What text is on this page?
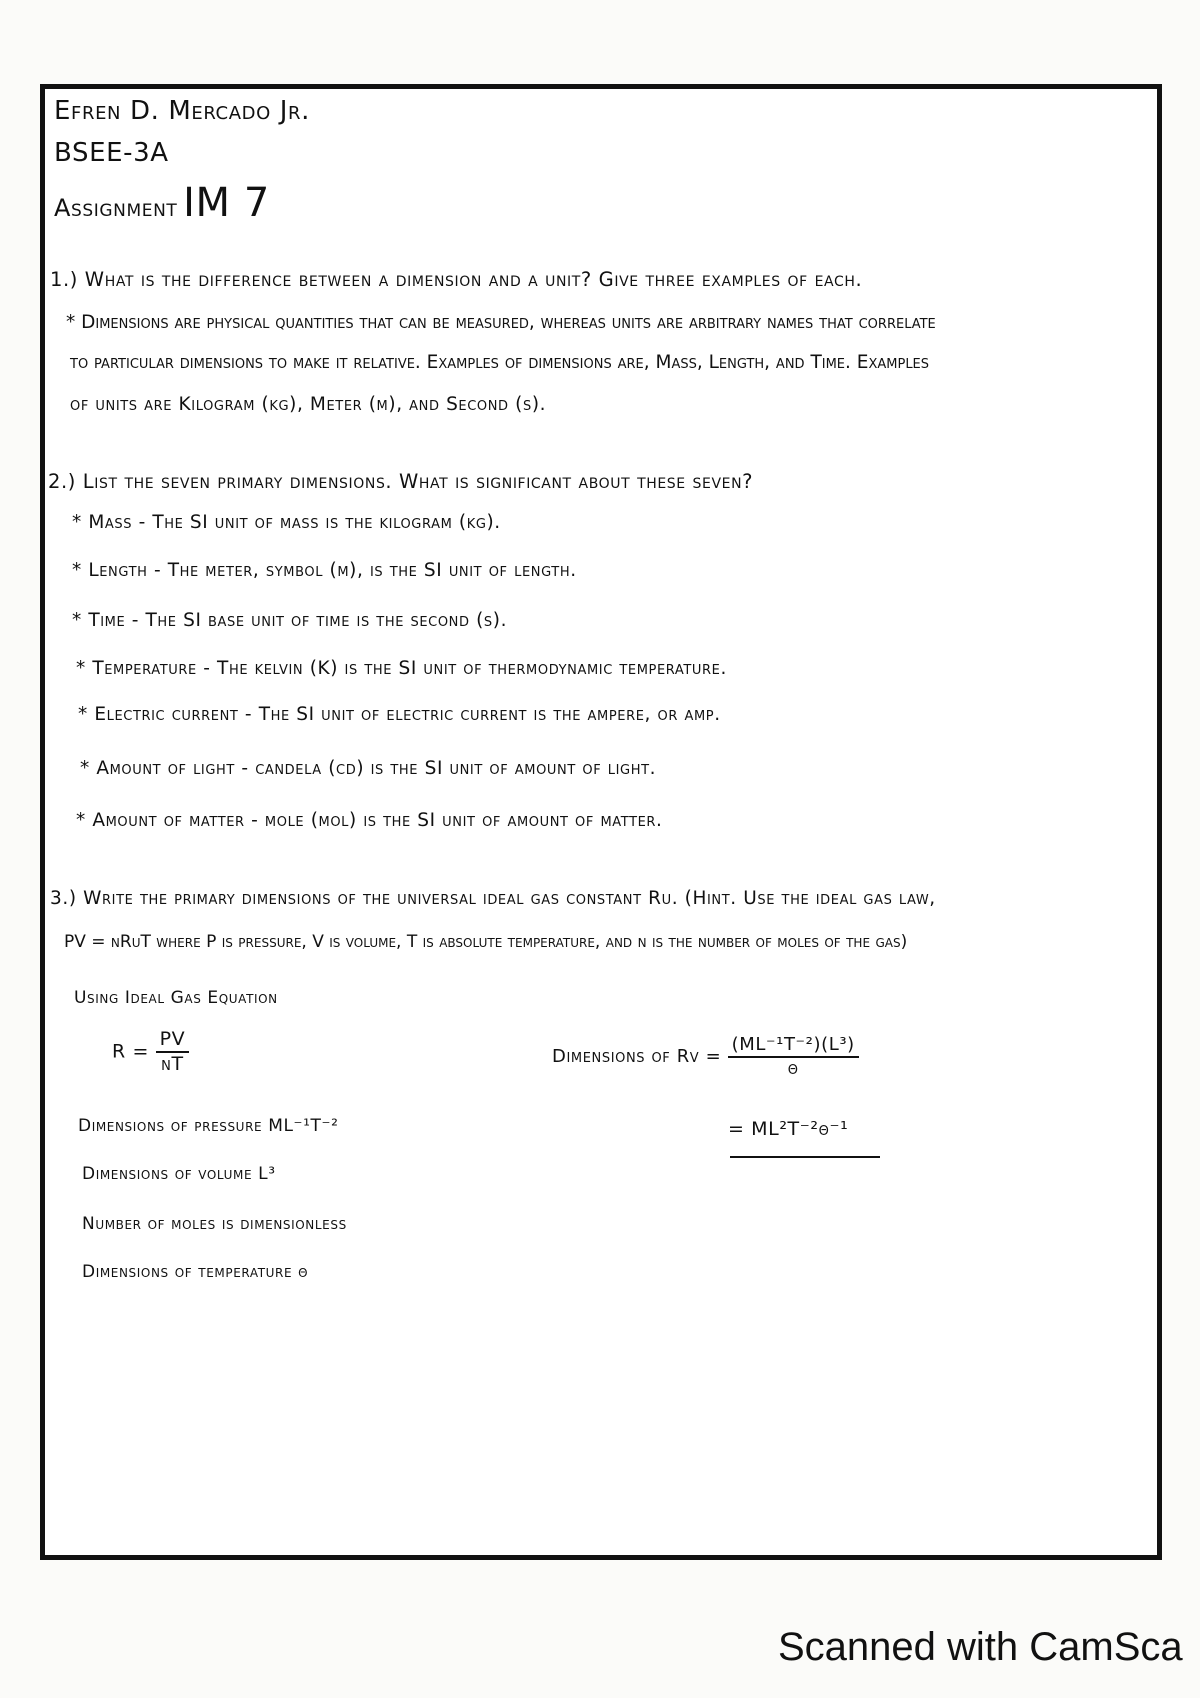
Efren D. Mercado Jr.
BSEE-3A
Assignment IM 7
1.) What is the difference between a dimension and a unit? Give three examples of each.
* Dimensions are physical quantities that can be measured, whereas units are arbitrary names that correlate
to particular dimensions to make it relative. Examples of dimensions are, Mass, Length, and Time. Examples
of units are Kilogram (kg), Meter (m), and Second (s).
2.) List the seven primary dimensions. What is significant about these seven?
* Mass - The SI unit of mass is the kilogram (kg).
* Length - The meter, symbol (m), is the SI unit of length.
* Time - The SI base unit of time is the second (s).
* Temperature - The kelvin (K) is the SI unit of thermodynamic temperature.
* Electric current - The SI unit of electric current is the ampere, or amp.
* Amount of light - candela (cd) is the SI unit of amount of light.
* Amount of matter - mole (mol) is the SI unit of amount of matter.
3.) Write the primary dimensions of the universal ideal gas constant Ru. (Hint. Use the ideal gas law,
PV = nRuT where P is pressure, V is volume, T is absolute temperature, and n is the number of moles of the gas)
Using Ideal Gas Equation
$R = \frac{PV}{nT}$
Dimensions of pressure ML⁻¹T⁻²
Dimensions of volume L³
Number of moles is dimensionless
Dimensions of temperature θ
Dimensions of $Rv = \frac{\text{(ML⁻¹T⁻²)(L³)}}{\theta}$
= ML²T⁻²θ⁻¹
Scanned with CamSca
